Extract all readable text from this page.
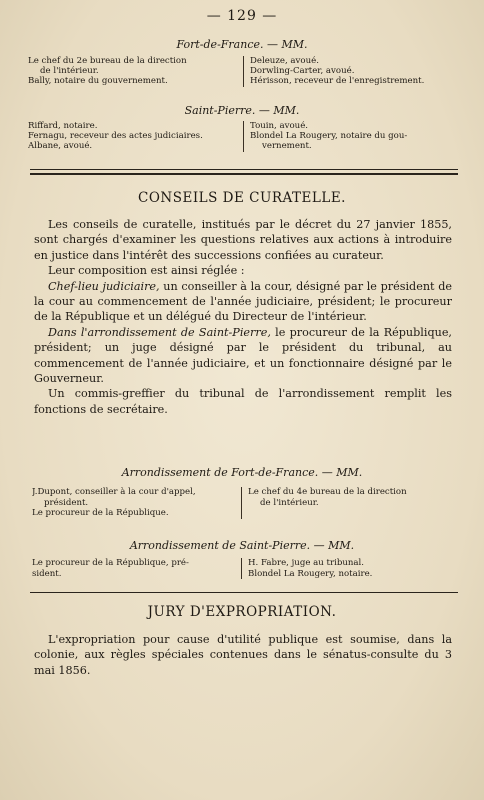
— 129 —
Fort-de-France. — MM.
Le chef du 2e bureau de la direction
de l'intérieur.
Bally, notaire du gouvernement.
Deleuze, avoué.
Dorwling-Carter, avoué.
Hérisson, receveur de l'enregistrement.
Saint-Pierre. — MM.
Riffard, notaire.
Fernagu, receveur des actes judiciaires.
Albane, avoué.
Touin, avoué.
Blondel La Rougery, notaire du gou-
vernement.
CONSEILS DE CURATELLE.

Les conseils de curatelle, institués par le décret du 27 janvier 1855, sont chargés d'examiner les questions relatives aux actions à introduire en justice dans l'intérêt des successions confiées au curateur.

Leur composition est ainsi réglée :

Chef-lieu judiciaire, un conseiller à la cour, désigné par le président de la cour au commencement de l'année judiciaire, président; le procureur de la République et un délégué du Directeur de l'intérieur.

Dans l'arrondissement de Saint-Pierre, le procureur de la République, président; un juge désigné par le président du tribunal, au commencement de l'année judiciaire, et un fonctionnaire désigné par le Gouverneur.

Un commis-greffier du tribunal de l'arrondissement remplit les fonctions de secrétaire.

Arrondissement de Fort-de-France. — MM.
J.Dupont, conseiller à la cour d'appel,
président.
Le procureur de la République.
Le chef du 4e bureau de la direction
de l'intérieur.
Arrondissement de Saint-Pierre. — MM.
Le procureur de la République, pré-
sident.
H. Fabre, juge au tribunal.
Blondel La Rougery, notaire.
JURY D'EXPROPRIATION.

L'expropriation pour cause d'utilité publique est soumise, dans la colonie, aux règles spéciales contenues dans le sénatus-consulte du 3 mai 1856.
